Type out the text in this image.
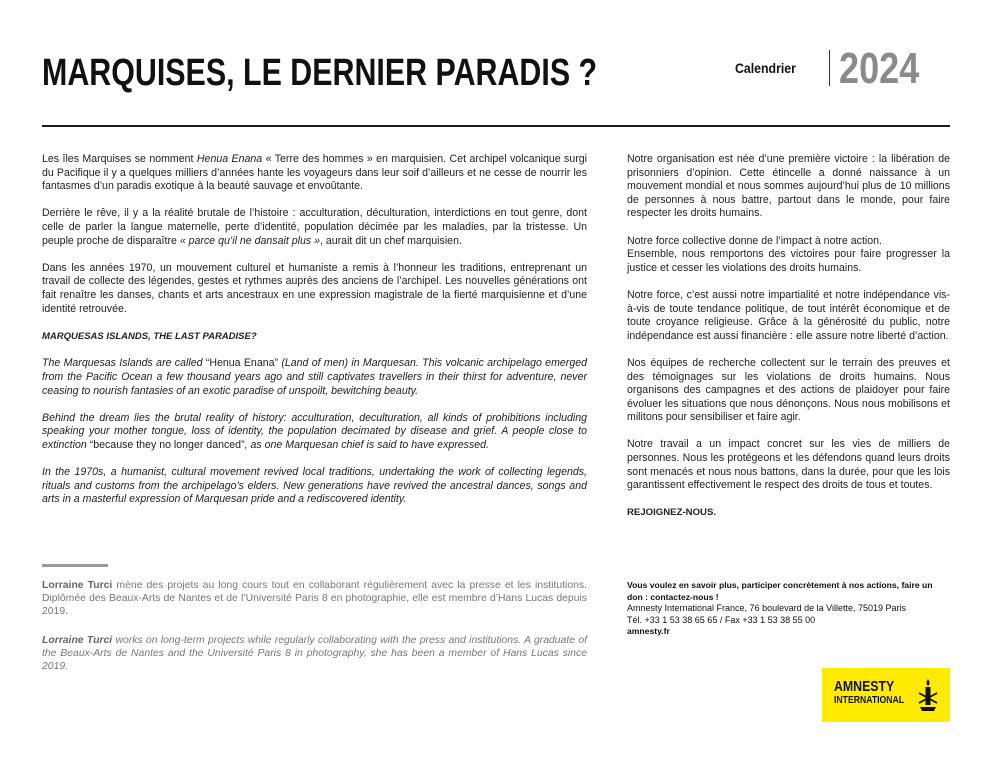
MARQUISES, LE DERNIER PARADIS ?	Calendrier 2024

Les îles Marquises se nomment Henua Enana « Terre des hommes » en marquisien. Cet archipel volcanique surgi du Pacifique il y a quelques milliers d’années hante les voyageurs dans leur soif d’ailleurs et ne cesse de nourrir les fantasmes d’un paradis exotique à la beauté sauvage et envoûtante.

Derrière le rêve, il y a la réalité brutale de l’histoire : acculturation, déculturation, interdictions en tout genre, dont celle de parler la langue maternelle, perte d’identité, population décimée par les maladies, par la tristesse. Un peuple proche de disparaître « parce qu’il ne dansait plus », aurait dit un chef marquisien.

Dans les années 1970, un mouvement culturel et humaniste a remis à l’honneur les traditions, entreprenant un travail de collecte des légendes, gestes et rythmes auprès des anciens de l’archipel. Les nouvelles générations ont fait renaître les danses, chants et arts ancestraux en une expression magistrale de la fierté marquisienne et d’une identité retrouvée.

MARQUESAS ISLANDS, THE LAST PARADISE?

The Marquesas Islands are called “Henua Enana” (Land of men) in Marquesan. This volcanic archipelago emerged from the Pacific Ocean a few thousand years ago and still captivates travellers in their thirst for adventure, never ceasing to nourish fantasies of an exotic paradise of unspoilt, bewitching beauty.

Behind the dream lies the brutal reality of history: acculturation, deculturation, all kinds of prohibitions including speaking your mother tongue, loss of identity, the population decimated by disease and grief. A people close to extinction “because they no longer danced”, as one Marquesan chief is said to have expressed.

In the 1970s, a humanist, cultural movement revived local traditions, undertaking the work of collecting legends, rituals and customs from the archipelago’s elders. New generations have revived the ancestral dances, songs and arts in a masterful expression of Marquesan pride and a rediscovered identity.

Lorraine Turci mène des projets au long cours tout en collaborant régulièrement avec la presse et les institutions. Diplômée des Beaux-Arts de Nantes et de l’Université Paris 8 en photographie, elle est membre d’Hans Lucas depuis 2019.

Lorraine Turci works on long-term projects while regularly collaborating with the press and institutions. A graduate of the Beaux-Arts de Nantes and the Université Paris 8 in photography, she has been a member of Hans Lucas since 2019.

Notre organisation est née d’une première victoire : la libération de prisonniers d’opinion. Cette étincelle a donné naissance à un mouvement mondial et nous sommes aujourd’hui plus de 10 millions de personnes à nous battre, partout dans le monde, pour faire respecter les droits humains.

Notre force collective donne de l’impact à notre action.
Ensemble, nous remportons des victoires pour faire progresser la justice et cesser les violations des droits humains.

Notre force, c’est aussi notre impartialité et notre indépendance vis-à-vis de toute tendance politique, de tout intérêt économique et de toute croyance religieuse. Grâce à la générosité du public, notre indépendance est aussi financière : elle assure notre liberté d’action.

Nos équipes de recherche collectent sur le terrain des preuves et des témoignages sur les violations de droits humains. Nous organisons des campagnes et des actions de plaidoyer pour faire évoluer les situations que nous dénonçons. Nous nous mobilisons et militons pour sensibiliser et faire agir.

Notre travail a un impact concret sur les vies de milliers de personnes. Nous les protégeons et les défendons quand leurs droits sont menacés et nous nous battons, dans la durée, pour que les lois garantissent effectivement le respect des droits de tous et toutes.

REJOIGNEZ-NOUS.

Vous voulez en savoir plus, participer concrètement à nos actions, faire un don : contactez-nous !

Amnesty International France, 76 boulevard de la Villette, 75019 Paris

Tél. +33 1 53 38 65 65 / Fax +33 1 53 38 55 00

amnesty.fr

AMNESTY
INTERNATIONAL
